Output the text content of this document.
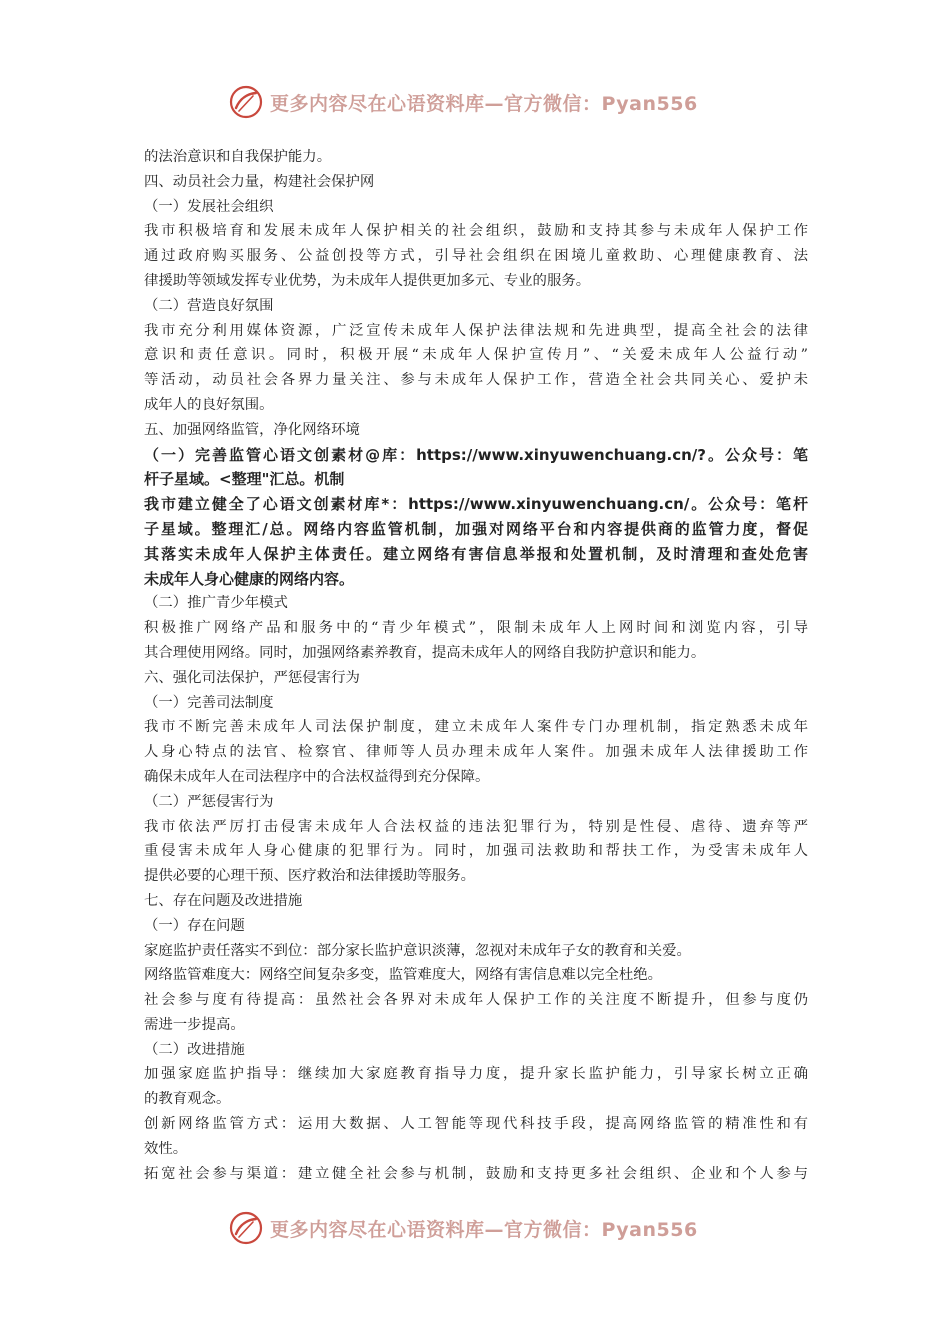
更多内容尽在心语资料库—官方微信：Pyan556
的法治意识和自我保护能力。
四、动员社会力量，构建社会保护网
（一）发展社会组织
我市积极培育和发展未成年人保护相关的社会组织，鼓励和支持其参与未成年人保护工作
通过政府购买服务、公益创投等方式，引导社会组织在困境儿童救助、心理健康教育、法
律援助等领域发挥专业优势，为未成年人提供更加多元、专业的服务。
（二）营造良好氛围
我市充分利用媒体资源，广泛宣传未成年人保护法律法规和先进典型，提高全社会的法律
意识和责任意识。同时，积极开展“未成年人保护宣传月”、“关爱未成年人公益行动”
等活动，动员社会各界力量关注、参与未成年人保护工作，营造全社会共同关心、爱护未
成年人的良好氛围。
五、加强网络监管，净化网络环境
（一）完善监管心语文创素材@库：https://www.xinyuwenchuang.cn/?。公众号：笔
杆子星域。<整理"汇总。机制
我市建立健全了心语文创素材库*：https://www.xinyuwenchuang.cn/。公众号：笔杆
子星域。整理汇/总。网络内容监管机制，加强对网络平台和内容提供商的监管力度，督促
其落实未成年人保护主体责任。建立网络有害信息举报和处置机制，及时清理和查处危害
未成年人身心健康的网络内容。
（二）推广青少年模式
积极推广网络产品和服务中的“青少年模式”，限制未成年人上网时间和浏览内容，引导
其合理使用网络。同时，加强网络素养教育，提高未成年人的网络自我防护意识和能力。
六、强化司法保护，严惩侵害行为
（一）完善司法制度
我市不断完善未成年人司法保护制度，建立未成年人案件专门办理机制，指定熟悉未成年
人身心特点的法官、检察官、律师等人员办理未成年人案件。加强未成年人法律援助工作
确保未成年人在司法程序中的合法权益得到充分保障。
（二）严惩侵害行为
我市依法严厉打击侵害未成年人合法权益的违法犯罪行为，特别是性侵、虐待、遗弃等严
重侵害未成年人身心健康的犯罪行为。同时，加强司法救助和帮扶工作，为受害未成年人
提供必要的心理干预、医疗救治和法律援助等服务。
七、存在问题及改进措施
（一）存在问题
家庭监护责任落实不到位：部分家长监护意识淡薄，忽视对未成年子女的教育和关爱。
网络监管难度大：网络空间复杂多变，监管难度大，网络有害信息难以完全杜绝。
社会参与度有待提高：虽然社会各界对未成年人保护工作的关注度不断提升，但参与度仍
需进一步提高。
（二）改进措施
加强家庭监护指导：继续加大家庭教育指导力度，提升家长监护能力，引导家长树立正确
的教育观念。
创新网络监管方式：运用大数据、人工智能等现代科技手段，提高网络监管的精准性和有
效性。
拓宽社会参与渠道：建立健全社会参与机制，鼓励和支持更多社会组织、企业和个人参与
更多内容尽在心语资料库—官方微信：Pyan556
